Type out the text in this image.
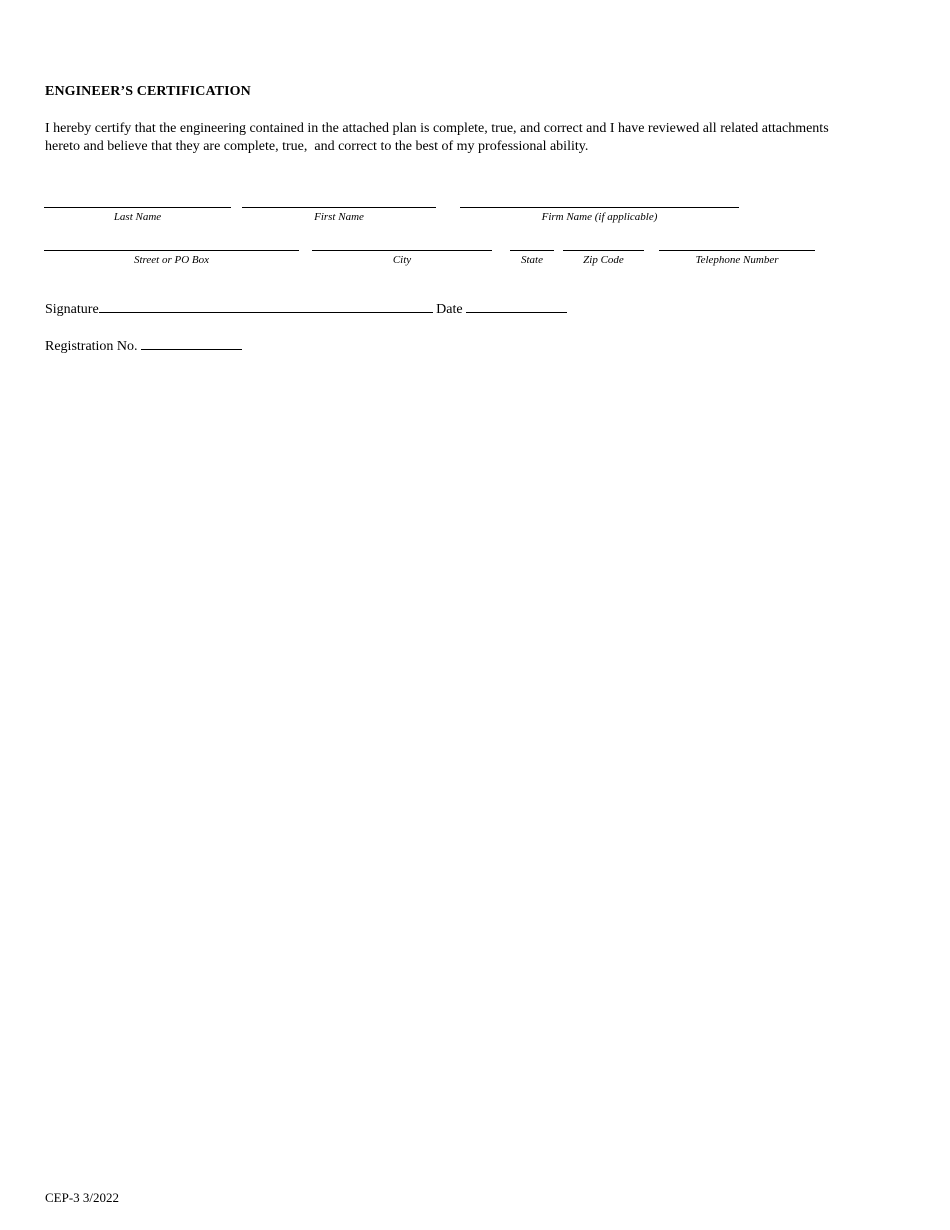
ENGINEER’S CERTIFICATION
I hereby certify that the engineering contained in the attached plan is complete, true, and correct and I have reviewed all related attachments hereto and believe that they are complete, true,  and correct to the best of my professional ability.
Last Name	First Name	Firm Name (if applicable)
Street or PO Box	City	State	Zip Code	Telephone Number
Signature	Date
Registration No.
CEP-3 3/2022
